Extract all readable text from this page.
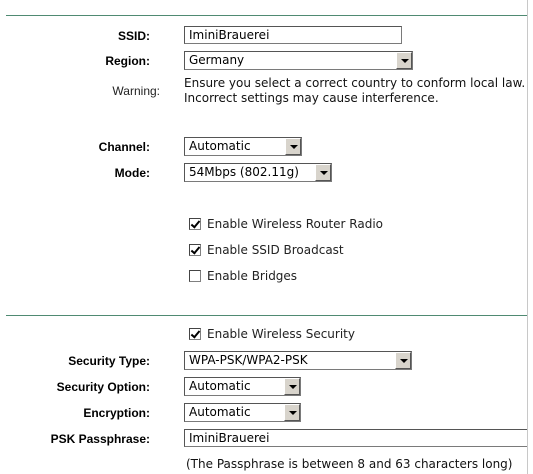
SSID:	IminiBrauerei
Region:	Germany
Warning:
Ensure you select a correct country to conform local law.
Incorrect settings may cause interference.
Channel:	Automatic
Mode:	54Mbps (802.11g)
Enable Wireless Router Radio
Enable SSID Broadcast
Enable Bridges
Enable Wireless Security
Security Type:	WPA-PSK/WPA2-PSK
Security Option:	Automatic
Encryption:	Automatic
PSK Passphrase:	IminiBrauerei
(The Passphrase is between 8 and 63 characters long)
